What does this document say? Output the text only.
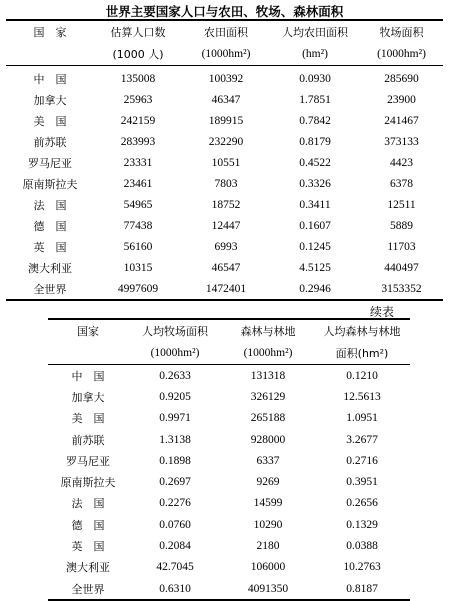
世界主要国家人口与农田、牧场、森林面积
国　家	估算人口数	农田面积	人均农田面积	牧场面积
	(1000 人)	(1000hm²)	(hm²)	(1000hm²)
中　国	135008	100392	0.0930	285690
加拿大	25963	46347	1.7851	23900
美　国	242159	189915	0.7842	241467
前苏联	283993	232290	0.8179	373133
罗马尼亚	23331	10551	0.4522	4423
原南斯拉夫	23461	7803	0.3326	6378
法　国	54965	18752	0.3411	12511
德　国	77438	12447	0.1607	5889
英　国	56160	6993	0.1245	11703
澳大利亚	10315	46547	4.5125	440497
全世界	4997609	1472401	0.2946	3153352
续表
国家	人均牧场面积	森林与林地	人均森林与林地
	(1000hm²)	(1000hm²)	面积(hm²)
中　国	0.2633	131318	0.1210
加拿大	0.9205	326129	12.5613
美　国	0.9971	265188	1.0951
前苏联	1.3138	928000	3.2677
罗马尼亚	0.1898	6337	0.2716
原南斯拉夫	0.2697	9269	0.3951
法　国	0.2276	14599	0.2656
德　国	0.0760	10290	0.1329
英　国	0.2084	2180	0.0388
澳大利亚	42.7045	106000	10.2763
全世界	0.6310	4091350	0.8187
